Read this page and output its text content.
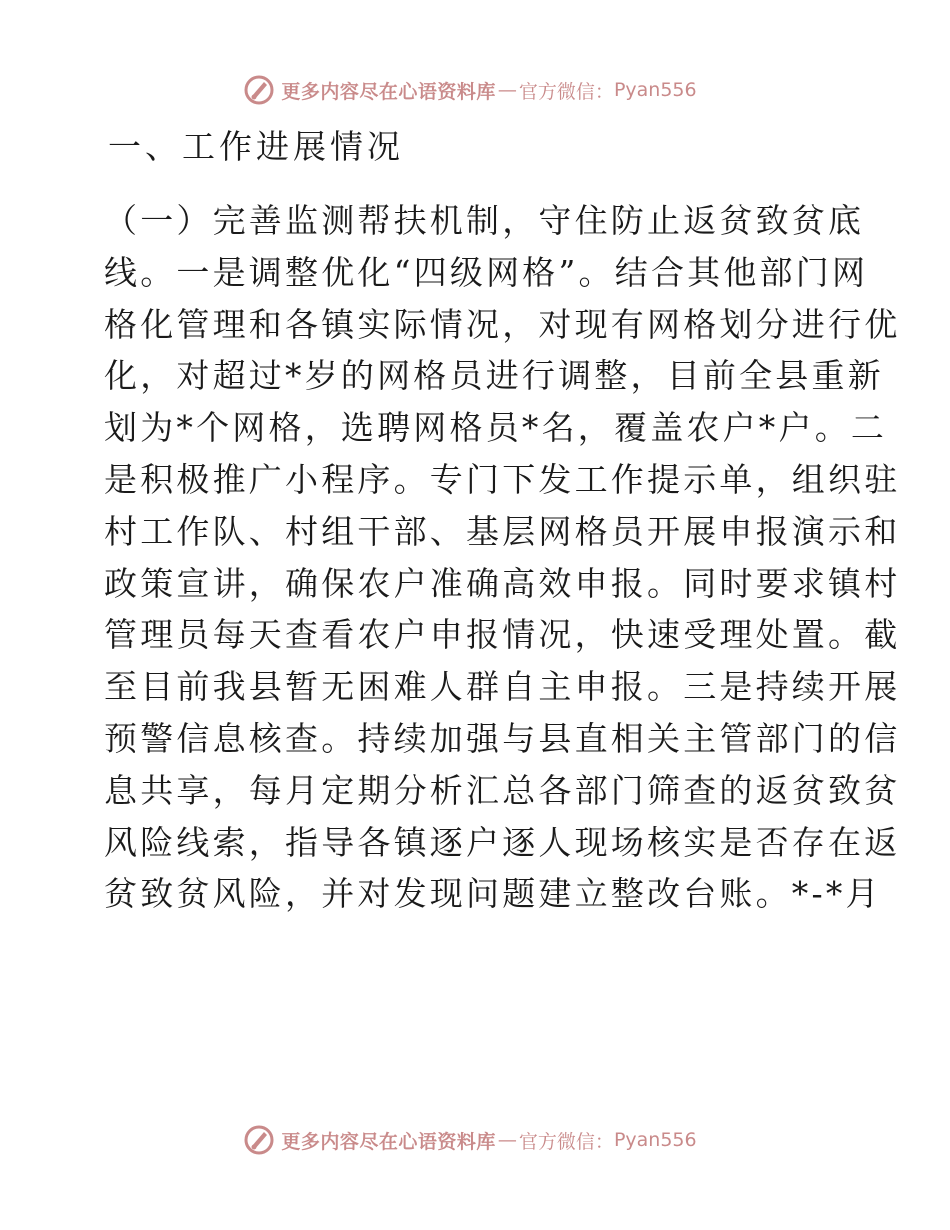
更多内容尽在心语资料库 — 官方微信： Pyan556
一、工作进展情况
（一）完善监测帮扶机制，守住防止返贫致贫底
线。一是调整优化“四级网格”。结合其他部门网
格化管理和各镇实际情况，对现有网格划分进行优
化，对超过*岁的网格员进行调整，目前全县重新
划为*个网格，选聘网格员*名，覆盖农户*户。二
是积极推广小程序。专门下发工作提示单，组织驻
村工作队、村组干部、基层网格员开展申报演示和
政策宣讲，确保农户准确高效申报。同时要求镇村
管理员每天查看农户申报情况，快速受理处置。截
至目前我县暂无困难人群自主申报。三是持续开展
预警信息核查。持续加强与县直相关主管部门的信
息共享，每月定期分析汇总各部门筛查的返贫致贫
风险线索，指导各镇逐户逐人现场核实是否存在返
贫致贫风险，并对发现问题建立整改台账。*-*月
更多内容尽在心语资料库 — 官方微信： Pyan556
